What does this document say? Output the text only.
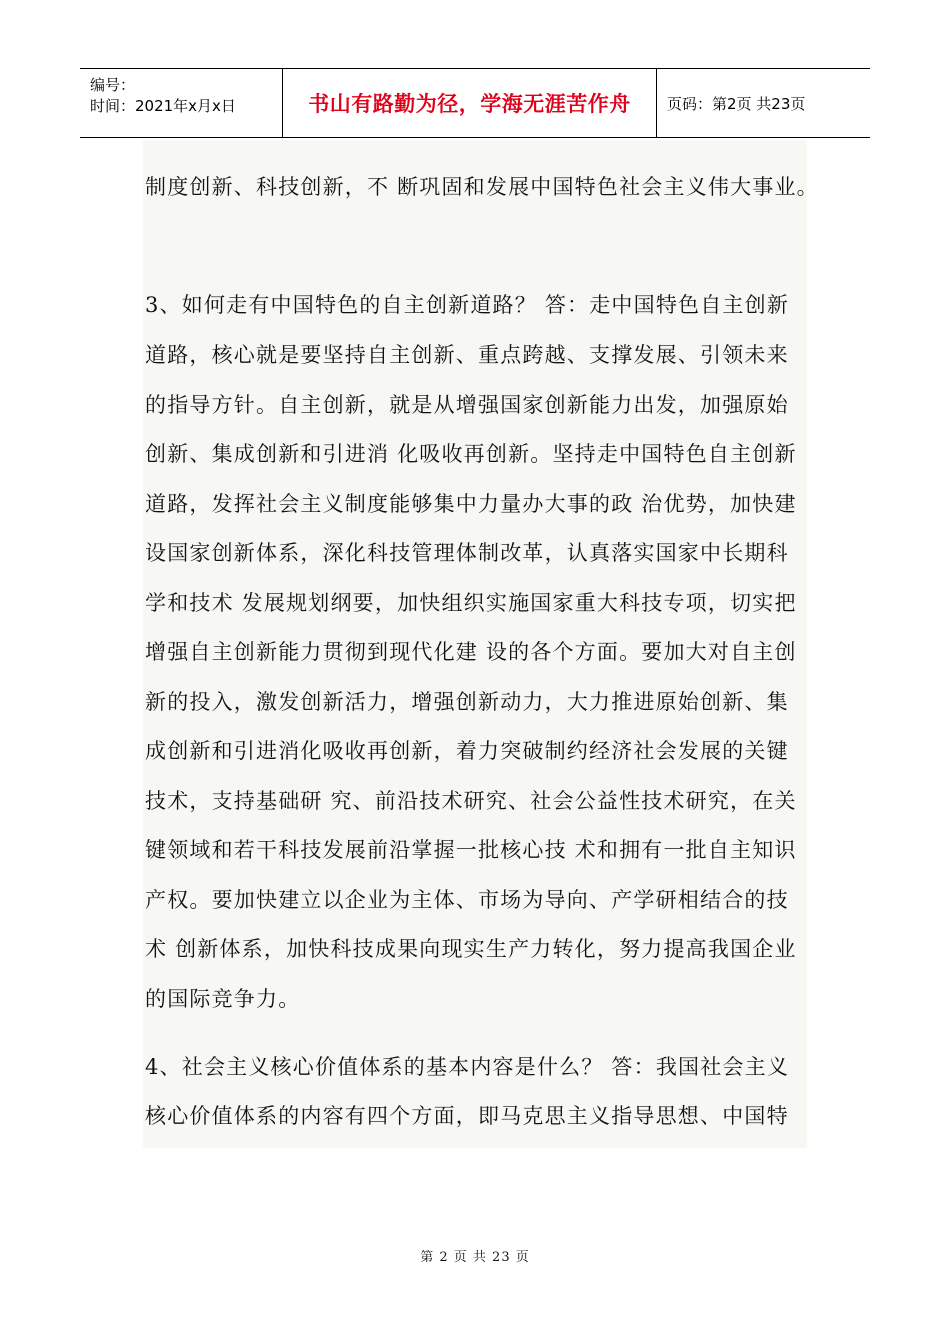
编号：
时间：2021年x月x日	书山有路勤为径，学海无涯苦作舟	页码：第2页 共23页
制度创新、科技创新，不 断巩固和发展中国特色社会主义伟大事业。
3、如何走有中国特色的自主创新道路？ 答：走中国特色自主创新
道路，核心就是要坚持自主创新、重点跨越、支撑发展、引领未来
的指导方针。自主创新，就是从增强国家创新能力出发，加强原始
创新、集成创新和引进消 化吸收再创新。坚持走中国特色自主创新
道路，发挥社会主义制度能够集中力量办大事的政 治优势，加快建
设国家创新体系，深化科技管理体制改革，认真落实国家中长期科
学和技术 发展规划纲要，加快组织实施国家重大科技专项，切实把
增强自主创新能力贯彻到现代化建 设的各个方面。要加大对自主创
新的投入，激发创新活力，增强创新动力，大力推进原始创新、集
成创新和引进消化吸收再创新，着力突破制约经济社会发展的关键
技术，支持基础研 究、前沿技术研究、社会公益性技术研究，在关
键领域和若干科技发展前沿掌握一批核心技 术和拥有一批自主知识
产权。要加快建立以企业为主体、市场为导向、产学研相结合的技
术 创新体系，加快科技成果向现实生产力转化，努力提高我国企业
的国际竞争力。
4、社会主义核心价值体系的基本内容是什么？ 答：我国社会主义
核心价值体系的内容有四个方面，即马克思主义指导思想、中国特
第 2 页 共 23 页
